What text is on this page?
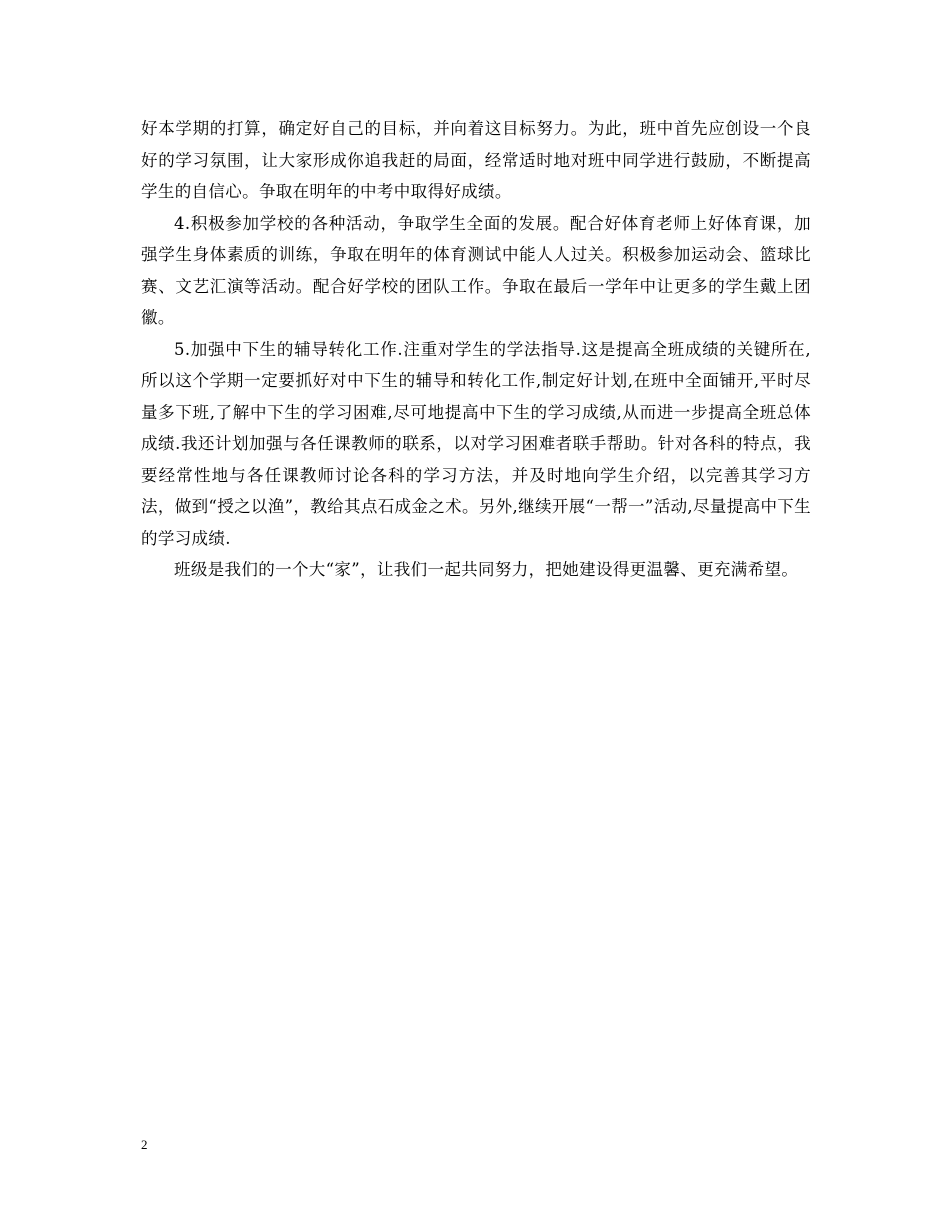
好本学期的打算，确定好自己的目标，并向着这目标努力。为此，班中首先应创设一个良好的学习氛围，让大家形成你追我赶的局面，经常适时地对班中同学进行鼓励，不断提高学生的自信心。争取在明年的中考中取得好成绩。

4.积极参加学校的各种活动，争取学生全面的发展。配合好体育老师上好体育课，加强学生身体素质的训练，争取在明年的体育测试中能人人过关。积极参加运动会、篮球比赛、文艺汇演等活动。配合好学校的团队工作。争取在最后一学年中让更多的学生戴上团徽。

5.加强中下生的辅导转化工作.注重对学生的学法指导.这是提高全班成绩的关键所在,所以这个学期一定要抓好对中下生的辅导和转化工作,制定好计划,在班中全面铺开,平时尽量多下班,了解中下生的学习困难,尽可地提高中下生的学习成绩,从而进一步提高全班总体成绩.我还计划加强与各任课教师的联系，以对学习困难者联手帮助。针对各科的特点，我要经常性地与各任课教师讨论各科的学习方法，并及时地向学生介绍，以完善其学习方法，做到“授之以渔”，教给其点石成金之术。另外,继续开展“一帮一”活动,尽量提高中下生的学习成绩.

班级是我们的一个大“家”，让我们一起共同努力，把她建设得更温馨、更充满希望。

2
